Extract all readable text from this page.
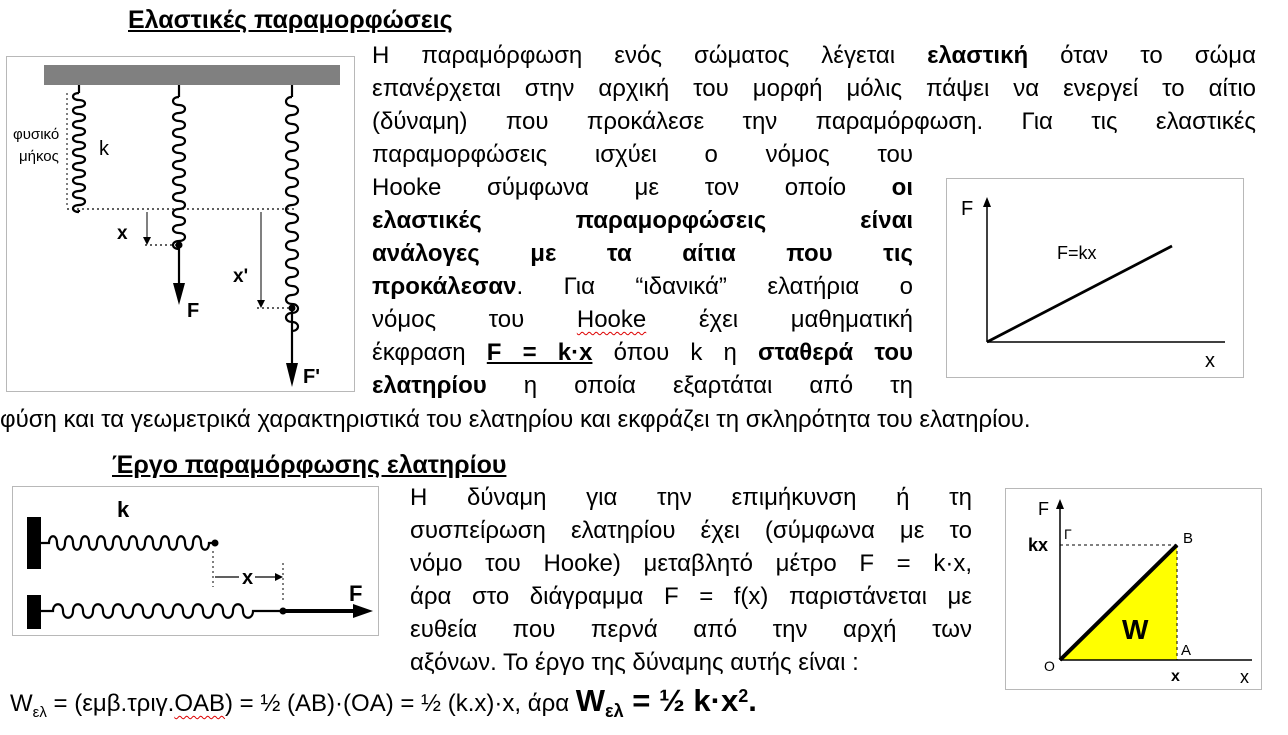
Ελαστικές παραμορφώσεις
φυσικό
μήκος k
x
x'
F
F'
Η παραμόρφωση ενός σώματος λέγεται ελαστική όταν το σώμα
επανέρχεται στην αρχική του μορφή μόλις πάψει να ενεργεί το αίτιο
(δύναμη) που προκάλεσε την παραμόρφωση. Για τις ελαστικές
παραμορφώσεις ισχύει ο νόμος του
Hooke σύμφωνα με τον οποίο οι
ελαστικές παραμορφώσεις είναι
ανάλογες με τα αίτια που τις
προκάλεσαν. Για “ιδανικά” ελατήρια ο
νόμος του Hooke έχει μαθηματική
έκφραση F = k·x όπου k η σταθερά του
ελατηρίου η οποία εξαρτάται από τη
φύση και τα γεωμετρικά χαρακτηριστικά του ελατηρίου και εκφράζει τη σκληρότητα του ελατηρίου.
F
x
F=kx
Έργο παραμόρφωσης ελατηρίου
k
x
F
Η δύναμη για την επιμήκυνση ή τη
συσπείρωση ελατηρίου έχει (σύμφωνα με το
νόμο του Hooke) μεταβλητό μέτρο F = k·x,
άρα στο διάγραμμα F = f(x) παριστάνεται με
ευθεία που περνά από την αρχή των
αξόνων. Το έργο της δύναμης αυτής είναι :
$W_{\varepsilon\lambda} = (\varepsilon\mu\beta.\tau\rho\iota\gamma.OAB)$ = ½ (AB)·(OA) = ½ (k.x)·x, άρα $W_{\varepsilon\lambda}$ = ½ $k\cdot x^2$.
F
kx
Γ	B
A
O
W
x	x
